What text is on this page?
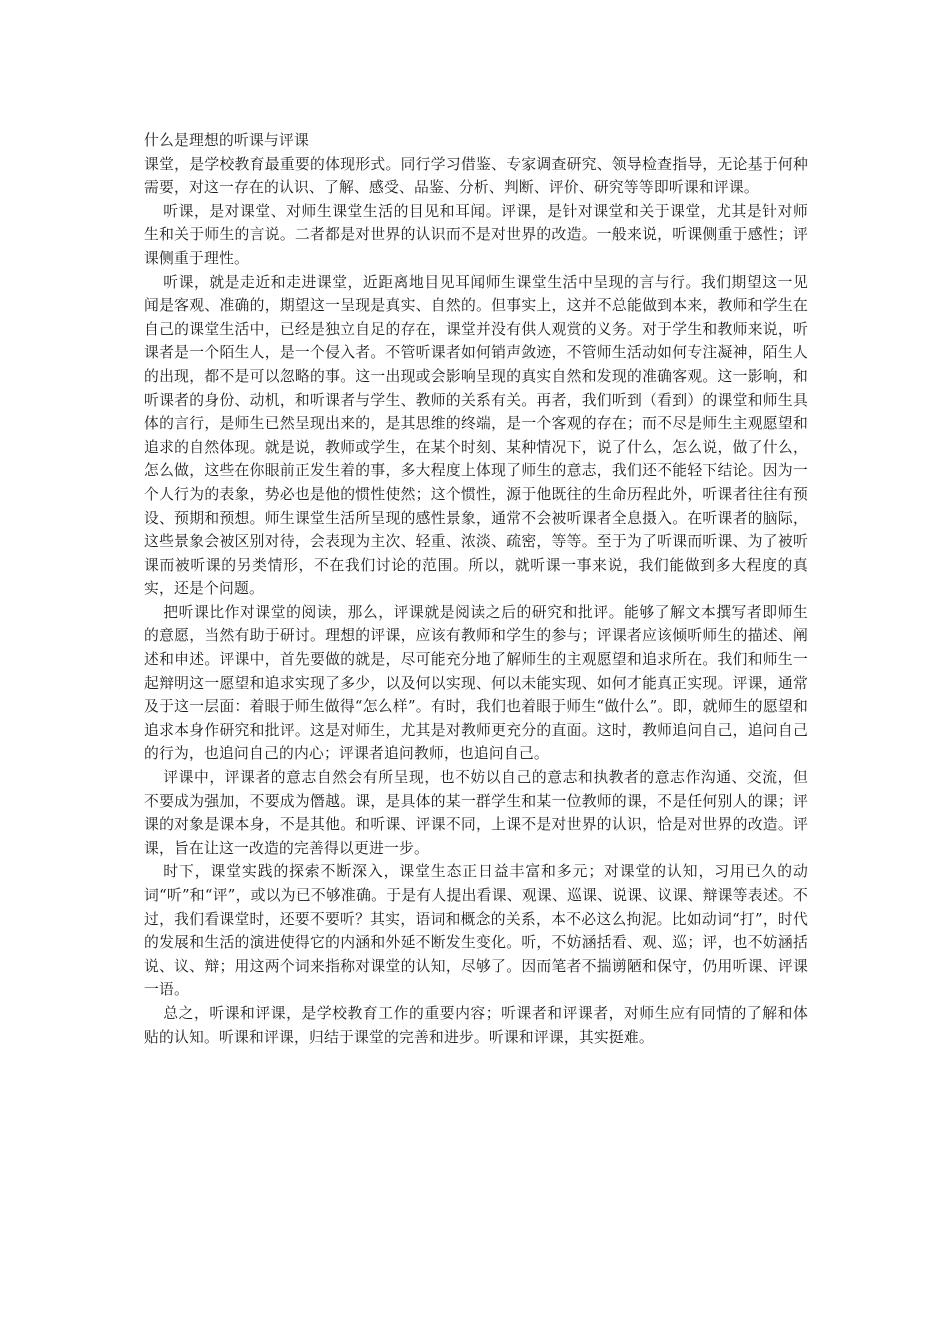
什么是理想的听课与评课

课堂，是学校教育最重要的体现形式。同行学习借鉴、专家调查研究、领导检查指导，无论基于何种需要，对这一存在的认识、了解、感受、品鉴、分析、判断、评价、研究等等即听课和评课。

听课，是对课堂、对师生课堂生活的目见和耳闻。评课，是针对课堂和关于课堂，尤其是针对师生和关于师生的言说。二者都是对世界的认识而不是对世界的改造。一般来说，听课侧重于感性；评课侧重于理性。

听课，就是走近和走进课堂，近距离地目见耳闻师生课堂生活中呈现的言与行。我们期望这一见闻是客观、准确的，期望这一呈现是真实、自然的。但事实上，这并不总能做到本来，教师和学生在自己的课堂生活中，已经是独立自足的存在，课堂并没有供人观赏的义务。对于学生和教师来说，听课者是一个陌生人，是一个侵入者。不管听课者如何销声敛迹，不管师生活动如何专注凝神，陌生人的出现，都不是可以忽略的事。这一出现或会影响呈现的真实自然和发现的准确客观。这一影响，和听课者的身份、动机，和听课者与学生、教师的关系有关。再者，我们听到（看到）的课堂和师生具体的言行，是师生已然呈现出来的，是其思维的终端，是一个客观的存在；而不尽是师生主观愿望和追求的自然体现。就是说，教师或学生，在某个时刻、某种情况下，说了什么，怎么说，做了什么，怎么做，这些在你眼前正发生着的事，多大程度上体现了师生的意志，我们还不能轻下结论。因为一个人行为的表象，势必也是他的惯性使然；这个惯性，源于他既往的生命历程此外，听课者往往有预设、预期和预想。师生课堂生活所呈现的感性景象，通常不会被听课者全息摄入。在听课者的脑际，这些景象会被区别对待，会表现为主次、轻重、浓淡、疏密，等等。至于为了听课而听课、为了被听课而被听课的另类情形，不在我们讨论的范围。所以，就听课一事来说，我们能做到多大程度的真实，还是个问题。

把听课比作对课堂的阅读，那么，评课就是阅读之后的研究和批评。能够了解文本撰写者即师生的意愿，当然有助于研讨。理想的评课，应该有教师和学生的参与；评课者应该倾听师生的描述、阐述和申述。评课中，首先要做的就是，尽可能充分地了解师生的主观愿望和追求所在。我们和师生一起辩明这一愿望和追求实现了多少，以及何以实现、何以未能实现、如何才能真正实现。评课，通常及于这一层面：着眼于师生做得“怎么样”。有时，我们也着眼于师生“做什么”。即，就师生的愿望和追求本身作研究和批评。这是对师生，尤其是对教师更充分的直面。这时，教师追问自己，追问自己的行为，也追问自己的内心；评课者追问教师，也追问自己。

评课中，评课者的意志自然会有所呈现，也不妨以自己的意志和执教者的意志作沟通、交流，但不要成为强加，不要成为僭越。课，是具体的某一群学生和某一位教师的课，不是任何别人的课；评课的对象是课本身，不是其他。和听课、评课不同，上课不是对世界的认识，恰是对世界的改造。评课，旨在让这一改造的完善得以更进一步。

时下，课堂实践的探索不断深入，课堂生态正日益丰富和多元；对课堂的认知，习用已久的动词“听”和“评”，或以为已不够准确。于是有人提出看课、观课、巡课、说课、议课、辩课等表述。不过，我们看课堂时，还要不要听？其实，语词和概念的关系，本不必这么拘泥。比如动词“打”，时代的发展和生活的演进使得它的内涵和外延不断发生变化。听，不妨涵括看、观、巡；评，也不妨涵括说、议、辩；用这两个词来指称对课堂的认知，尽够了。因而笔者不揣谫陋和保守，仍用听课、评课一语。

总之，听课和评课，是学校教育工作的重要内容；听课者和评课者，对师生应有同情的了解和体贴的认知。听课和评课，归结于课堂的完善和进步。听课和评课，其实挺难。
